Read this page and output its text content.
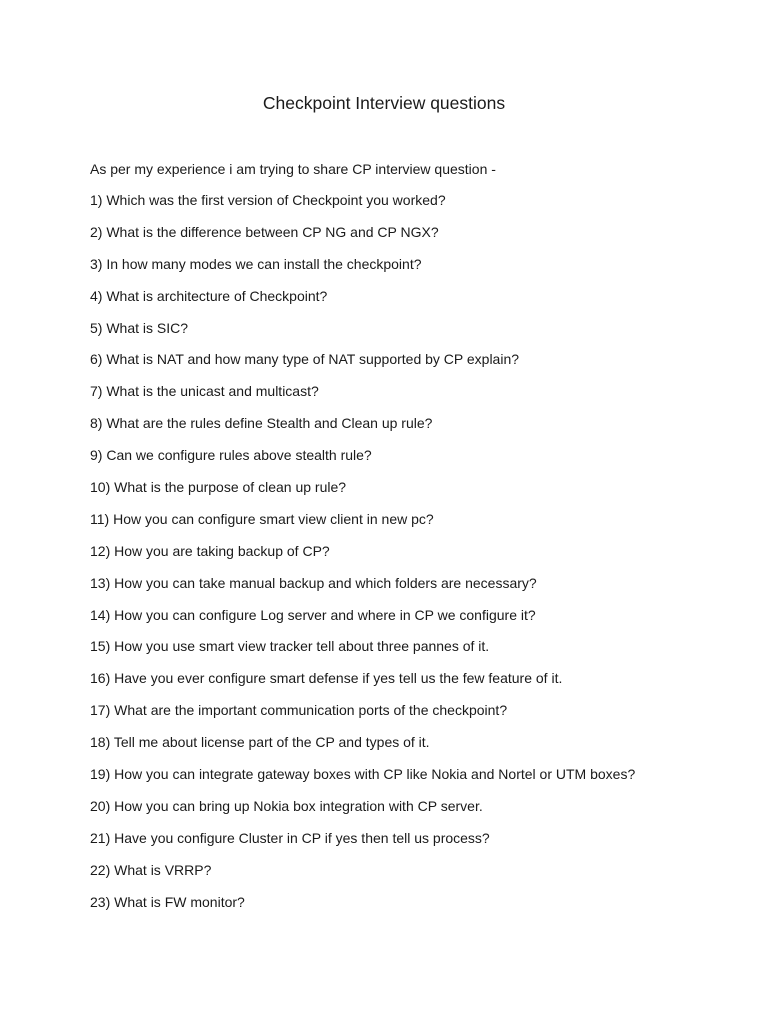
Checkpoint Interview questions

As per my experience i am trying to share CP interview question -

1) Which was the first version of Checkpoint you worked?
2) What is the difference between CP NG and CP NGX?
3) In how many modes we can install the checkpoint?
4) What is architecture of Checkpoint?
5) What is SIC?
6) What is NAT and how many type of NAT supported by CP explain?
7) What is the unicast and multicast?
8) What are the rules define Stealth and Clean up rule?
9) Can we configure rules above stealth rule?
10) What is the purpose of clean up rule?
11) How you can configure smart view client in new pc?
12) How you are taking backup of CP?
13) How you can take manual backup and which folders are necessary?
14) How you can configure Log server and where in CP we configure it?
15) How you use smart view tracker tell about three pannes of it.
16) Have you ever configure smart defense if yes tell us the few feature of it.
17) What are the important communication ports of the checkpoint?
18) Tell me about license part of the CP and types of it.
19) How you can integrate gateway boxes with CP like Nokia and Nortel or UTM boxes?
20) How you can bring up Nokia box integration with CP server.
21) Have you configure Cluster in CP if yes then tell us process?
22) What is VRRP?
23) What is FW monitor?
